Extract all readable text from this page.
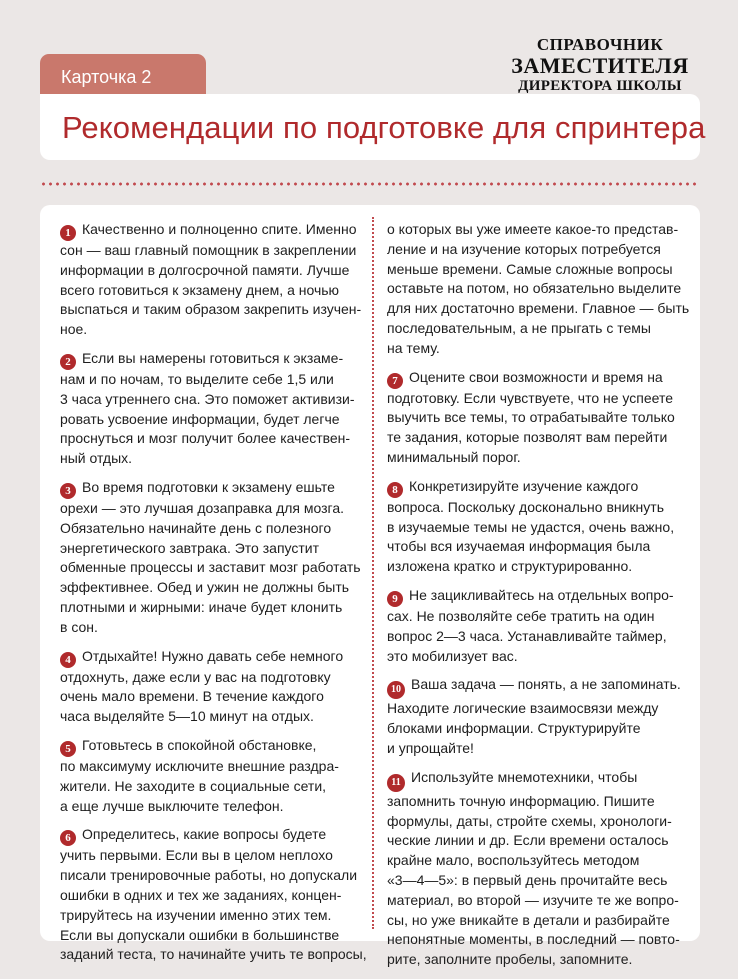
СПРАВОЧНИК
ЗАМЕСТИТЕЛЯ
ДИРЕКТОРА ШКОЛЫ
Карточка 2
Рекомендации по подготовке для спринтера

1 Качественно и полноценно спите. Именно
сон — ваш главный помощник в закреплении
информации в долгосрочной памяти. Лучше
всего готовиться к экзамену днем, а ночью
выспаться и таким образом закрепить изучен-
ное.

2 Если вы намерены готовиться к экзаме-
нам и по ночам, то выделите себе 1,5 или
3 часа утреннего сна. Это поможет активизи-
ровать усвоение информации, будет легче
проснуться и мозг получит более качествен-
ный отдых.

3 Во время подготовки к экзамену ешьте
орехи — это лучшая дозаправка для мозга.
Обязательно начинайте день с полезного
энергетического завтрака. Это запустит
обменные процессы и заставит мозг работать
эффективнее. Обед и ужин не должны быть
плотными и жирными: иначе будет клонить
в сон.

4 Отдыхайте! Нужно давать себе немного
отдохнуть, даже если у вас на подготовку
очень мало времени. В течение каждого
часа выделяйте 5—10 минут на отдых.

5 Готовьтесь в спокойной обстановке,
по максимуму исключите внешние раздра-
жители. Не заходите в социальные сети,
а еще лучше выключите телефон.

6 Определитесь, какие вопросы будете
учить первыми. Если вы в целом неплохо
писали тренировочные работы, но допускали
ошибки в одних и тех же заданиях, концен-
трируйтесь на изучении именно этих тем.
Если вы допускали ошибки в большинстве
заданий теста, то начинайте учить те вопросы,

о которых вы уже имеете какое-то представ-
ление и на изучение которых потребуется
меньше времени. Самые сложные вопросы
оставьте на потом, но обязательно выделите
для них достаточно времени. Главное — быть
последовательным, а не прыгать с темы
на тему.

7 Оцените свои возможности и время на
подготовку. Если чувствуете, что не успеете
выучить все темы, то отрабатывайте только
те задания, которые позволят вам перейти
минимальный порог.

8 Конкретизируйте изучение каждого
вопроса. Поскольку досконально вникнуть
в изучаемые темы не удастся, очень важно,
чтобы вся изучаемая информация была
изложена кратко и структурированно.

9 Не зацикливайтесь на отдельных вопро-
сах. Не позволяйте себе тратить на один
вопрос 2—3 часа. Устанавливайте таймер,
это мобилизует вас.

10 Ваша задача — понять, а не запоминать.
Находите логические взаимосвязи между
блоками информации. Структурируйте
и упрощайте!

11 Используйте мнемотехники, чтобы
запомнить точную информацию. Пишите
формулы, даты, стройте схемы, хронологи-
ческие линии и др. Если времени осталось
крайне мало, воспользуйтесь методом
«3—4—5»: в первый день прочитайте весь
материал, во второй — изучите те же вопро-
сы, но уже вникайте в детали и разбирайте
непонятные моменты, в последний — повто-
рите, заполните пробелы, запомните.
